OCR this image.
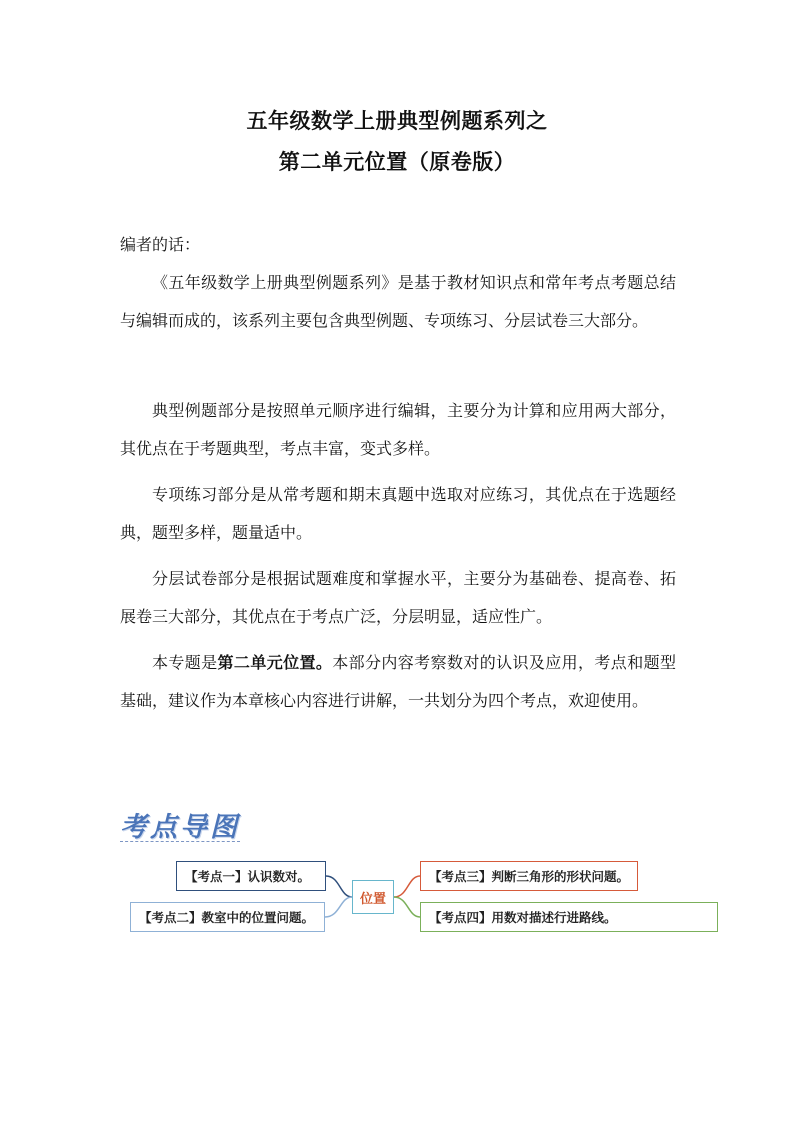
五年级数学上册典型例题系列之
第二单元位置（原卷版）
编者的话：

《五年级数学上册典型例题系列》是基于教材知识点和常年考点考题总结与编辑而成的，该系列主要包含典型例题、专项练习、分层试卷三大部分。

典型例题部分是按照单元顺序进行编辑，主要分为计算和应用两大部分，其优点在于考题典型，考点丰富，变式多样。

专项练习部分是从常考题和期末真题中选取对应练习，其优点在于选题经典，题型多样，题量适中。

分层试卷部分是根据试题难度和掌握水平，主要分为基础卷、提高卷、拓展卷三大部分，其优点在于考点广泛，分层明显，适应性广。

本专题是第二单元位置。本部分内容考察数对的认识及应用，考点和题型基础，建议作为本章核心内容进行讲解，一共划分为四个考点，欢迎使用。

考点导图
【考点一】认识数对。
【考点二】教室中的位置问题。
位置
【考点三】判断三角形的形状问题。
【考点四】用数对描述行进路线。
